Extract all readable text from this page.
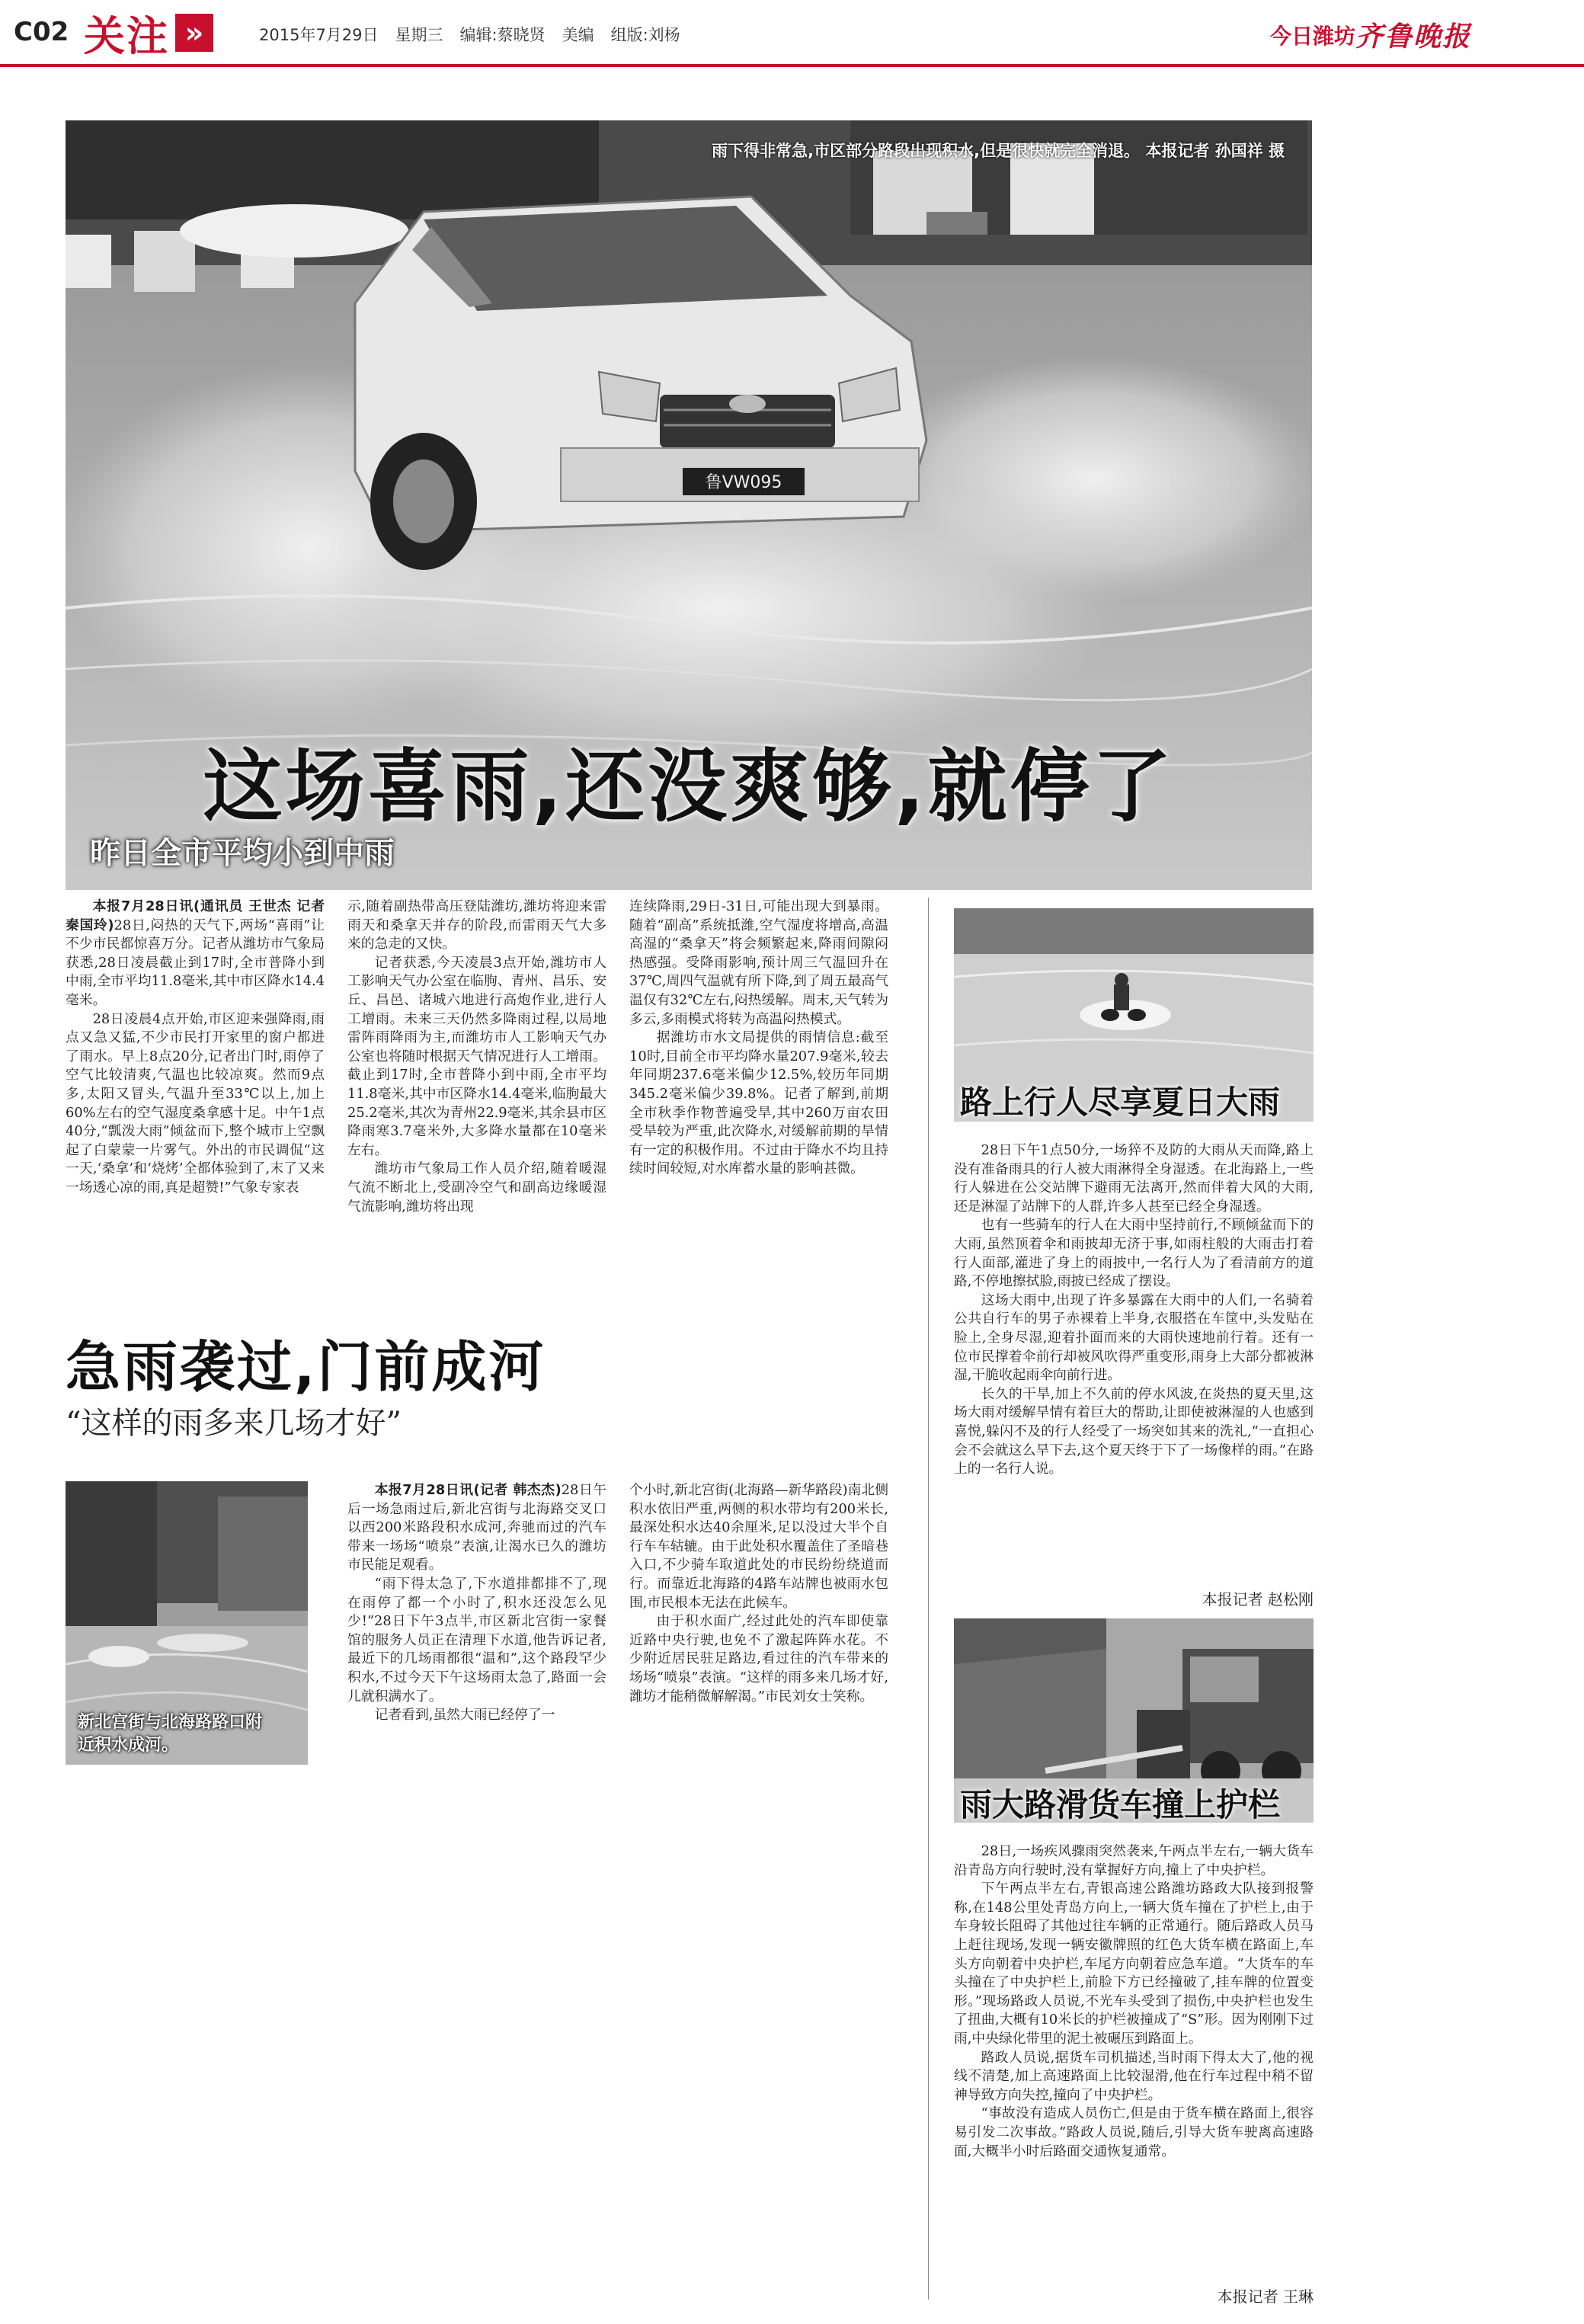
C02 关注 »	2015年7月29日 星期三 编辑:蔡晓贤 美编 组版:刘杨	今日潍坊 齐鲁晚报
鲁VW095
雨下得非常急,市区部分路段出现积水,但是很快就完全消退。 本报记者 孙国祥 摄
这场喜雨,还没爽够,就停了
昨日全市平均小到中雨

本报7月28日讯(通讯员 王世杰 记者 秦国玲)28日,闷热的天气下,两场“喜雨”让不少市民都惊喜万分。记者从潍坊市气象局获悉,28日凌晨截止到17时,全市普降小到中雨,全市平均11.8毫米,其中市区降水14.4毫米。

28日凌晨4点开始,市区迎来强降雨,雨点又急又猛,不少市民打开家里的窗户都进了雨水。早上8点20分,记者出门时,雨停了空气比较清爽,气温也比较凉爽。然而9点多,太阳又冒头,气温升至33℃以上,加上60%左右的空气湿度桑拿感十足。中午1点40分,“瓢泼大雨”倾盆而下,整个城市上空飘起了白蒙蒙一片雾气。外出的市民调侃“这一天,‘桑拿’和‘烧烤’全都体验到了,末了又来一场透心凉的雨,真是超赞!”气象专家表

示,随着副热带高压登陆潍坊,潍坊将迎来雷雨天和桑拿天并存的阶段,而雷雨天气大多来的急走的又快。

记者获悉,今天凌晨3点开始,潍坊市人工影响天气办公室在临朐、青州、昌乐、安丘、昌邑、诸城六地进行高炮作业,进行人工增雨。未来三天仍然多降雨过程,以局地雷阵雨降雨为主,而潍坊市人工影响天气办公室也将随时根据天气情况进行人工增雨。截止到17时,全市普降小到中雨,全市平均11.8毫米,其中市区降水14.4毫米,临朐最大25.2毫米,其次为青州22.9毫米,其余县市区降雨寒3.7毫米外,大多降水量都在10毫米左右。

潍坊市气象局工作人员介绍,随着暖湿气流不断北上,受副冷空气和副高边缘暖湿气流影响,潍坊将出现

连续降雨,29日-31日,可能出现大到暴雨。随着“副高”系统抵潍,空气湿度将增高,高温高湿的“桑拿天”将会频繁起来,降雨间隙闷热感强。受降雨影响,预计周三气温回升在37℃,周四气温就有所下降,到了周五最高气温仅有32℃左右,闷热缓解。周末,天气转为多云,多雨模式将转为高温闷热模式。

据潍坊市水文局提供的雨情信息:截至10时,目前全市平均降水量207.9毫米,较去年同期237.6毫米偏少12.5%,较历年同期345.2毫米偏少39.8%。记者了解到,前期全市秋季作物普遍受旱,其中260万亩农田受旱较为严重,此次降水,对缓解前期的旱情有一定的积极作用。不过由于降水不均且持续时间较短,对水库蓄水量的影响甚微。

急雨袭过,门前成河
“这样的雨多来几场才好”
新北宫街与北海路路口附
近积水成河。

本报7月28日讯(记者 韩杰杰)28日午后一场急雨过后,新北宫街与北海路交叉口以西200米路段积水成河,奔驰而过的汽车带来一场场“喷泉”表演,让渴水已久的潍坊市民能足观看。

“雨下得太急了,下水道排都排不了,现在雨停了都一个小时了,积水还没怎么见少!”28日下午3点半,市区新北宫街一家餐馆的服务人员正在清理下水道,他告诉记者,最近下的几场雨都很“温和”,这个路段罕少积水,不过今天下午这场雨太急了,路面一会儿就积满水了。

记者看到,虽然大雨已经停了一

个小时,新北宫街(北海路—新华路段)南北侧积水依旧严重,两侧的积水带均有200米长,最深处积水达40余厘米,足以没过大半个自行车车轱辘。由于此处积水覆盖住了圣暗巷入口,不少骑车取道此处的市民纷纷绕道而行。而靠近北海路的4路车站牌也被雨水包围,市民根本无法在此候车。

由于积水面广,经过此处的汽车即使靠近路中央行驶,也免不了激起阵阵水花。不少附近居民驻足路边,看过往的汽车带来的场场“喷泉”表演。“这样的雨多来几场才好,潍坊才能稍微解解渴。”市民刘女士笑称。

路上行人尽享夏日大雨

28日下午1点50分,一场猝不及防的大雨从天而降,路上没有准备雨具的行人被大雨淋得全身湿透。在北海路上,一些行人躲进在公交站牌下避雨无法离开,然而伴着大风的大雨,还是淋湿了站牌下的人群,许多人甚至已经全身湿透。

也有一些骑车的行人在大雨中坚持前行,不顾倾盆而下的大雨,虽然顶着伞和雨披却无济于事,如雨柱般的大雨击打着行人面部,灌进了身上的雨披中,一名行人为了看清前方的道路,不停地擦拭脸,雨披已经成了摆设。

这场大雨中,出现了许多暴露在大雨中的人们,一名骑着公共自行车的男子赤裸着上半身,衣服搭在车筐中,头发贴在脸上,全身尽湿,迎着扑面而来的大雨快速地前行着。还有一位市民撑着伞前行却被风吹得严重变形,雨身上大部分都被淋湿,干脆收起雨伞向前行进。

长久的干旱,加上不久前的停水风波,在炎热的夏天里,这场大雨对缓解旱情有着巨大的帮助,让即使被淋湿的人也感到喜悦,躲闪不及的行人经受了一场突如其来的洗礼,“一直担心会不会就这么旱下去,这个夏天终于下了一场像样的雨。”在路上的一名行人说。

本报记者 赵松刚
雨大路滑货车撞上护栏

28日,一场疾风骤雨突然袭来,午两点半左右,一辆大货车沿青岛方向行驶时,没有掌握好方向,撞上了中央护栏。

下午两点半左右,青银高速公路潍坊路政大队接到报警称,在148公里处青岛方向上,一辆大货车撞在了护栏上,由于车身较长阻碍了其他过往车辆的正常通行。随后路政人员马上赶往现场,发现一辆安徽牌照的红色大货车横在路面上,车头方向朝着中央护栏,车尾方向朝着应急车道。“大货车的车头撞在了中央护栏上,前脸下方已经撞破了,挂车牌的位置变形。”现场路政人员说,不光车头受到了损伤,中央护栏也发生了扭曲,大概有10米长的护栏被撞成了“S”形。因为刚刚下过雨,中央绿化带里的泥土被碾压到路面上。

路政人员说,据货车司机描述,当时雨下得太大了,他的视线不清楚,加上高速路面上比较湿滑,他在行车过程中稍不留神导致方向失控,撞向了中央护栏。

“事故没有造成人员伤亡,但是由于货车横在路面上,很容易引发二次事故。”路政人员说,随后,引导大货车驶离高速路面,大概半小时后路面交通恢复通常。

本报记者 王琳
